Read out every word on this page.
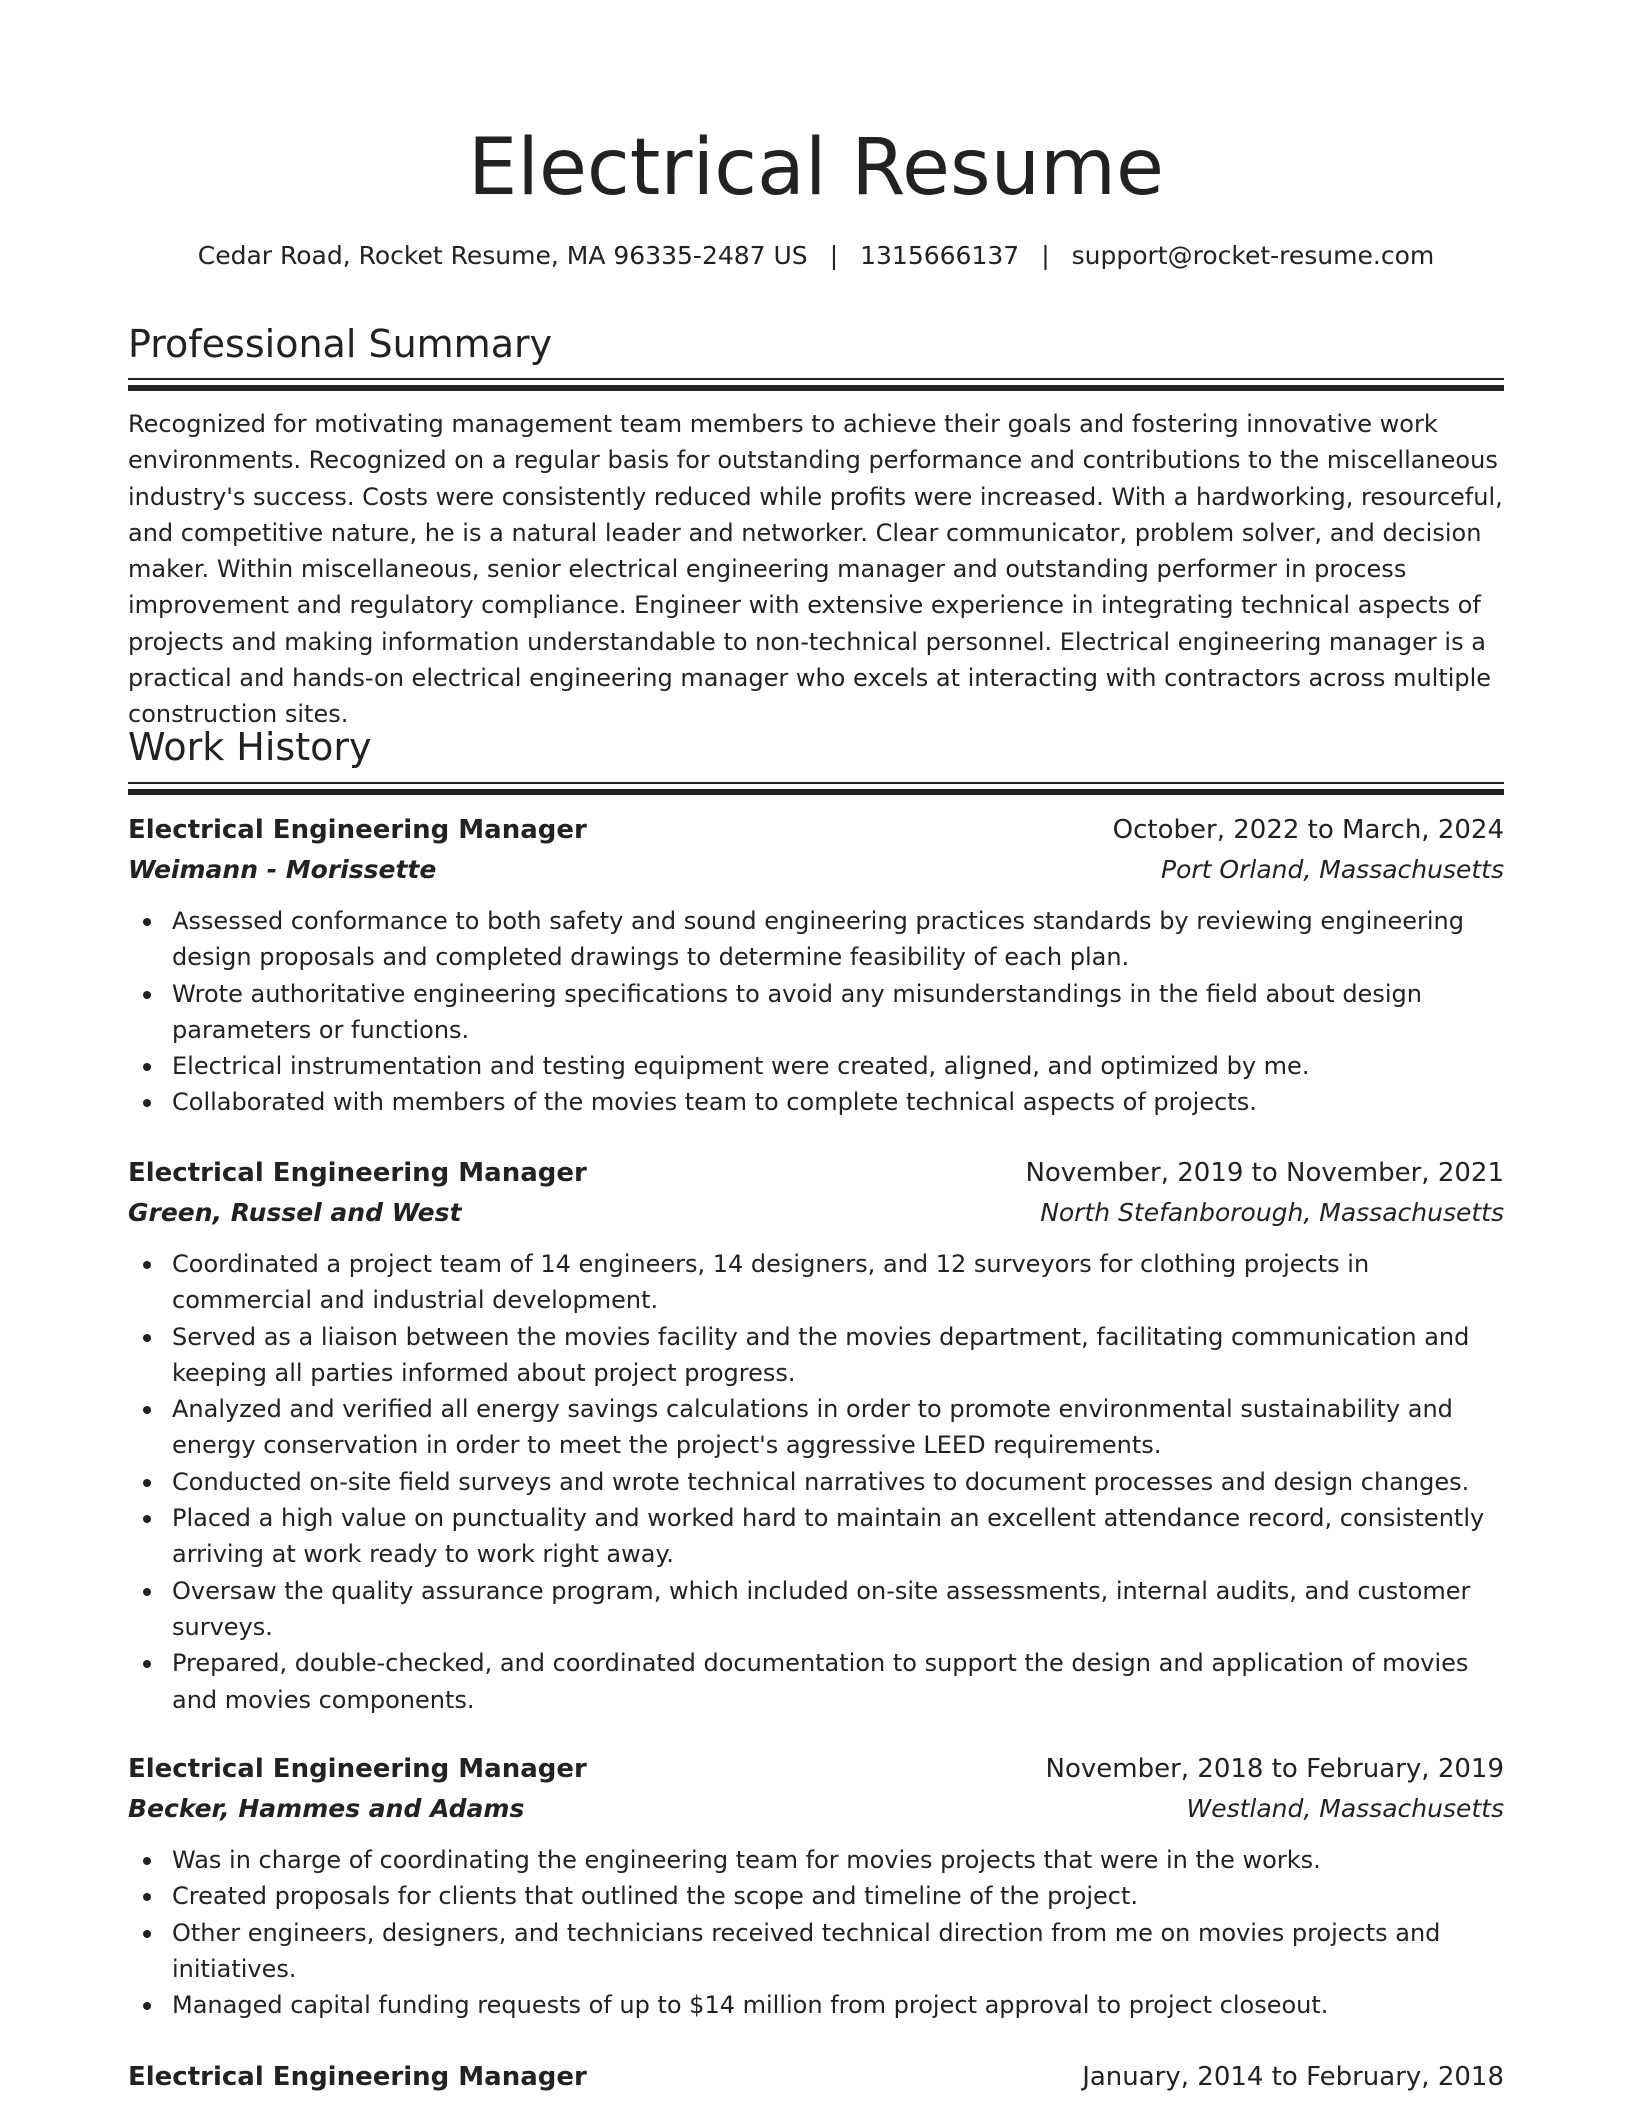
Electrical Resume
Cedar Road, Rocket Resume, MA 96335-2487 US | 1315666137 | support@rocket-resume.com
Professional Summary

Recognized for motivating management team members to achieve their goals and fostering innovative work environments. Recognized on a regular basis for outstanding performance and contributions to the miscellaneous industry's success. Costs were consistently reduced while profits were increased. With a hardworking, resourceful, and competitive nature, he is a natural leader and networker. Clear communicator, problem solver, and decision maker. Within miscellaneous, senior electrical engineering manager and outstanding performer in process improvement and regulatory compliance. Engineer with extensive experience in integrating technical aspects of projects and making information understandable to non-technical personnel. Electrical engineering manager is a practical and hands-on electrical engineering manager who excels at interacting with contractors across multiple construction sites.

Work History
Electrical Engineering Manager	October, 2022 to March, 2024
Weimann - Morissette	Port Orland, Massachusetts
Assessed conformance to both safety and sound engineering practices standards by reviewing engineering design proposals and completed drawings to determine feasibility of each plan.
Wrote authoritative engineering specifications to avoid any misunderstandings in the field about design parameters or functions.
Electrical instrumentation and testing equipment were created, aligned, and optimized by me.
Collaborated with members of the movies team to complete technical aspects of projects.
Electrical Engineering Manager	November, 2019 to November, 2021
Green, Russel and West	North Stefanborough, Massachusetts
Coordinated a project team of 14 engineers, 14 designers, and 12 surveyors for clothing projects in commercial and industrial development.
Served as a liaison between the movies facility and the movies department, facilitating communication and keeping all parties informed about project progress.
Analyzed and verified all energy savings calculations in order to promote environmental sustainability and energy conservation in order to meet the project's aggressive LEED requirements.
Conducted on-site field surveys and wrote technical narratives to document processes and design changes.
Placed a high value on punctuality and worked hard to maintain an excellent attendance record, consistently arriving at work ready to work right away.
Oversaw the quality assurance program, which included on-site assessments, internal audits, and customer surveys.
Prepared, double-checked, and coordinated documentation to support the design and application of movies and movies components.
Electrical Engineering Manager	November, 2018 to February, 2019
Becker, Hammes and Adams	Westland, Massachusetts
Was in charge of coordinating the engineering team for movies projects that were in the works.
Created proposals for clients that outlined the scope and timeline of the project.
Other engineers, designers, and technicians received technical direction from me on movies projects and initiatives.
Managed capital funding requests of up to $14 million from project approval to project closeout.
Electrical Engineering Manager	January, 2014 to February, 2018
